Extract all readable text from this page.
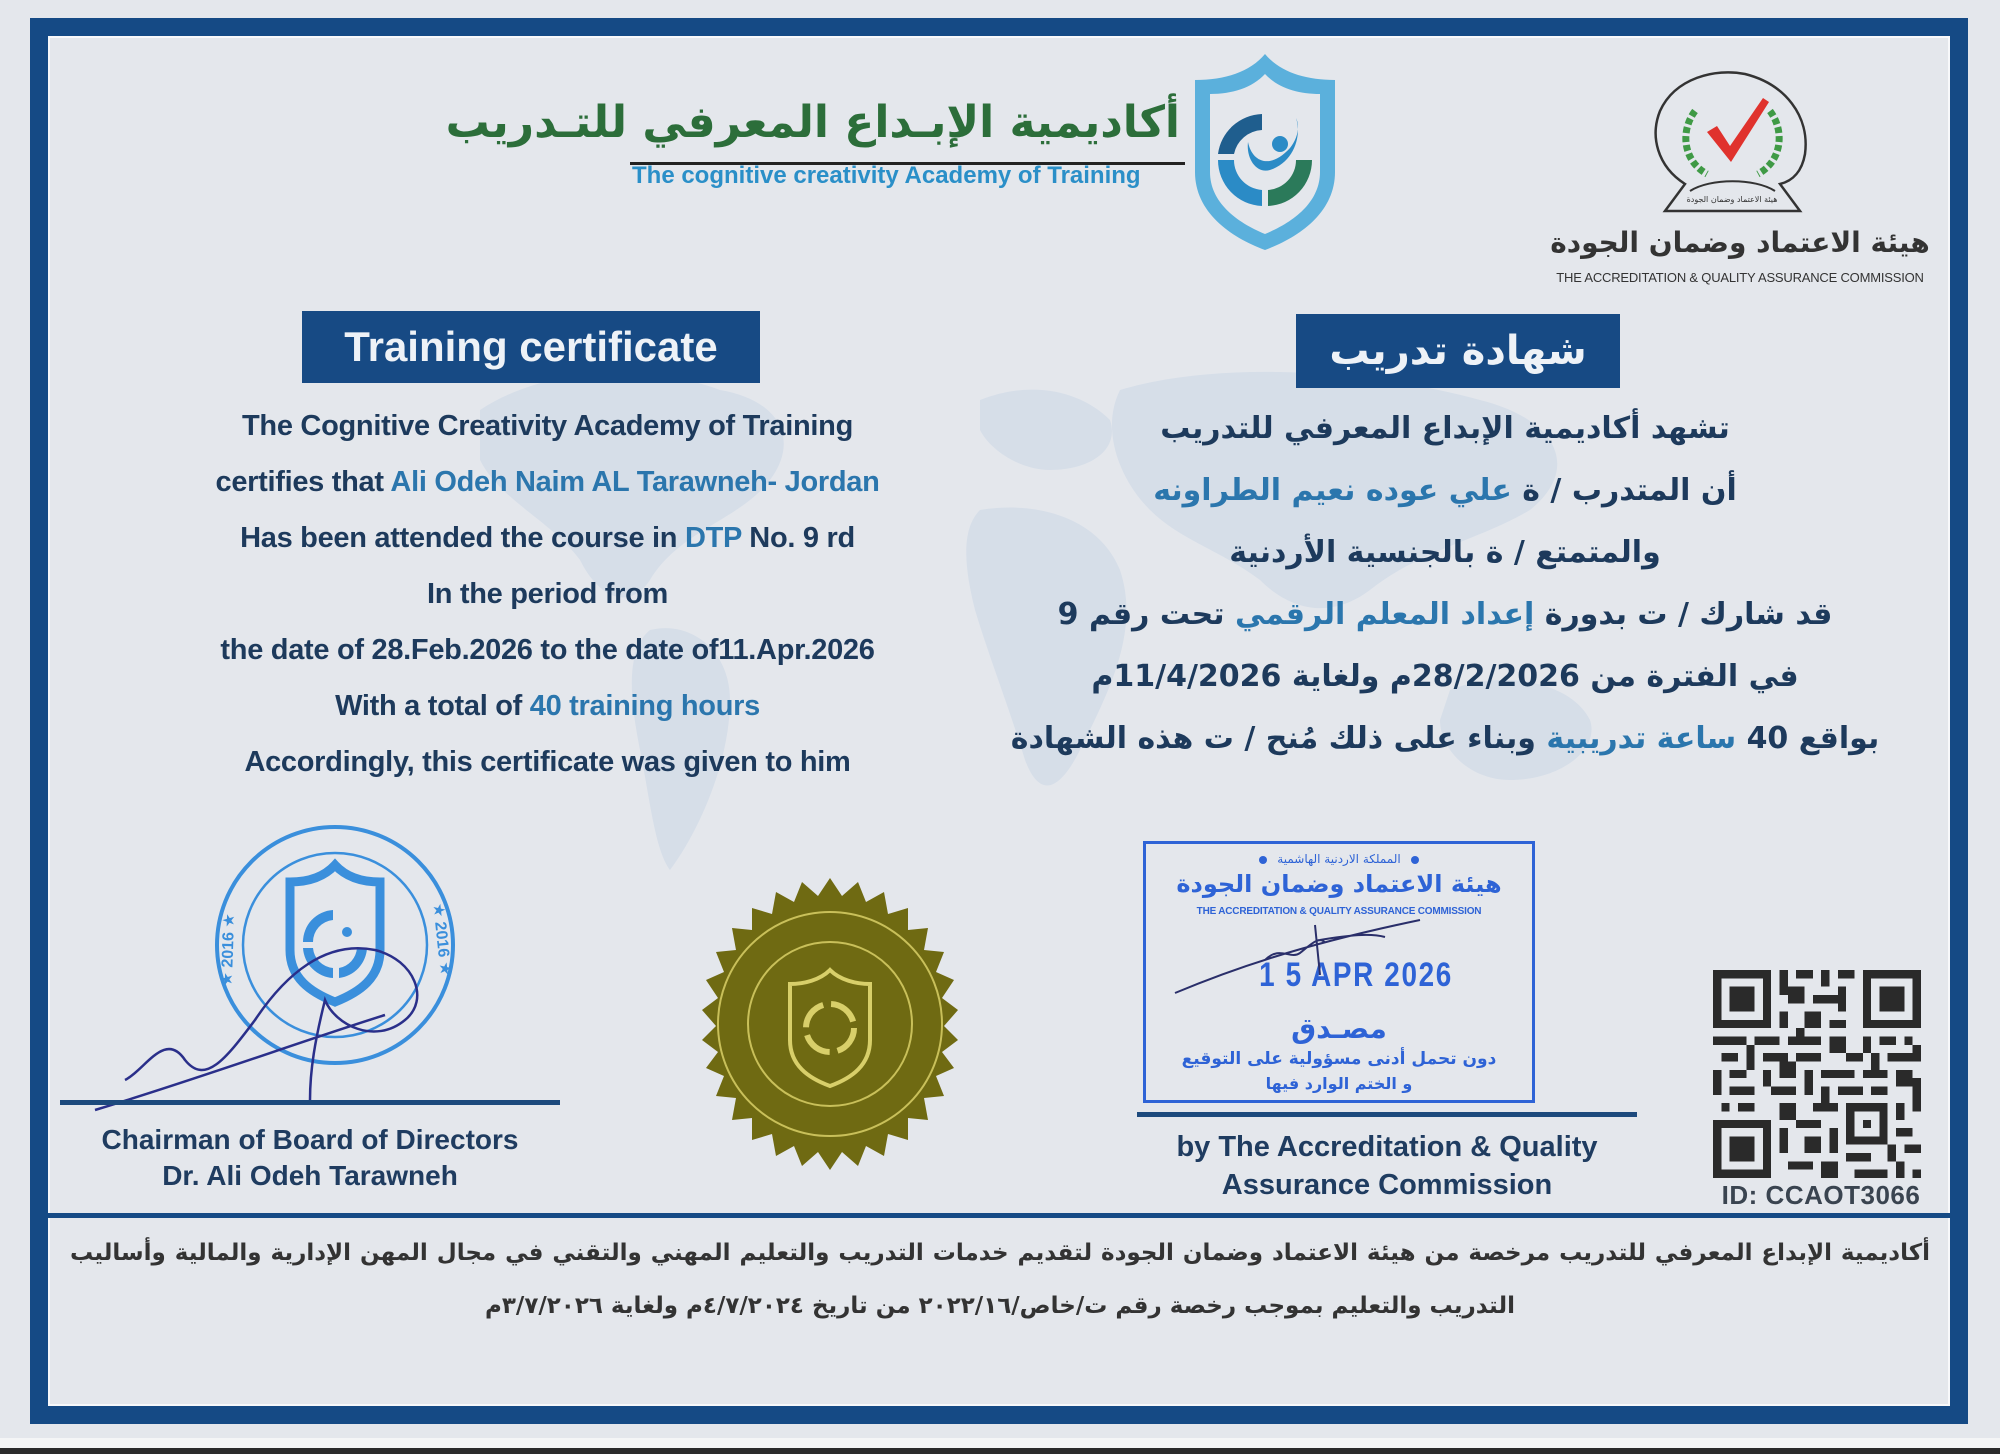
أكاديمية الإبـداع المعرفي للتـدريب
The cognitive creativity Academy of Training
هيئة الاعتماد وضمان الجودة
هيئة الاعتماد وضمان الجودة
THE ACCREDITATION & QUALITY ASSURANCE COMMISSION
Training certificate	شهادة تدريب
The Cognitive Creativity Academy of Training
certifies that Ali Odeh Naim AL Tarawneh- Jordan
Has been attended the course in DTP No. 9 rd
In the period from
the date of 28.Feb.2026 to the date of11.Apr.2026
With a total of 40 training hours
Accordingly, this certificate was given to him
تشهد أكاديمية الإبداع المعرفي للتدريب
أن المتدرب / ة علي عوده نعيم الطراونه
والمتمتع / ة بالجنسية الأردنية
قد شارك / ت بدورة إعداد المعلم الرقمي تحت رقم 9
في الفترة من 28/2/2026م ولغاية 11/4/2026م
بواقع 40 ساعة تدريبية وبناء على ذلك مُنح / ت هذه الشهادة
★ 2016 ★	★ 2016 ★
Chairman of Board of Directors
Dr. Ali Odeh Tarawneh
المملكة الاردنية الهاشمية
هيئة الاعتماد وضمان الجودة
THE ACCREDITATION & QUALITY ASSURANCE COMMISSION
1 5 APR 2026
مصـدق
دون تحمل أدنى مسؤولية على التوقيع
و الختم الوارد فيها
by The Accreditation & Quality
Assurance Commission	ID: CCAOT3066
أكاديمية الإبداع المعرفي للتدريب مرخصة من هيئة الاعتماد وضمان الجودة لتقديم خدمات التدريب والتعليم المهني والتقني في مجال المهن الإدارية والمالية وأساليب
التدريب والتعليم بموجب رخصة رقم ت/خاص/٢٠٢٢/١٦ من تاريخ ٤/٧/٢٠٢٤م ولغاية ٣/٧/٢٠٢٦م
